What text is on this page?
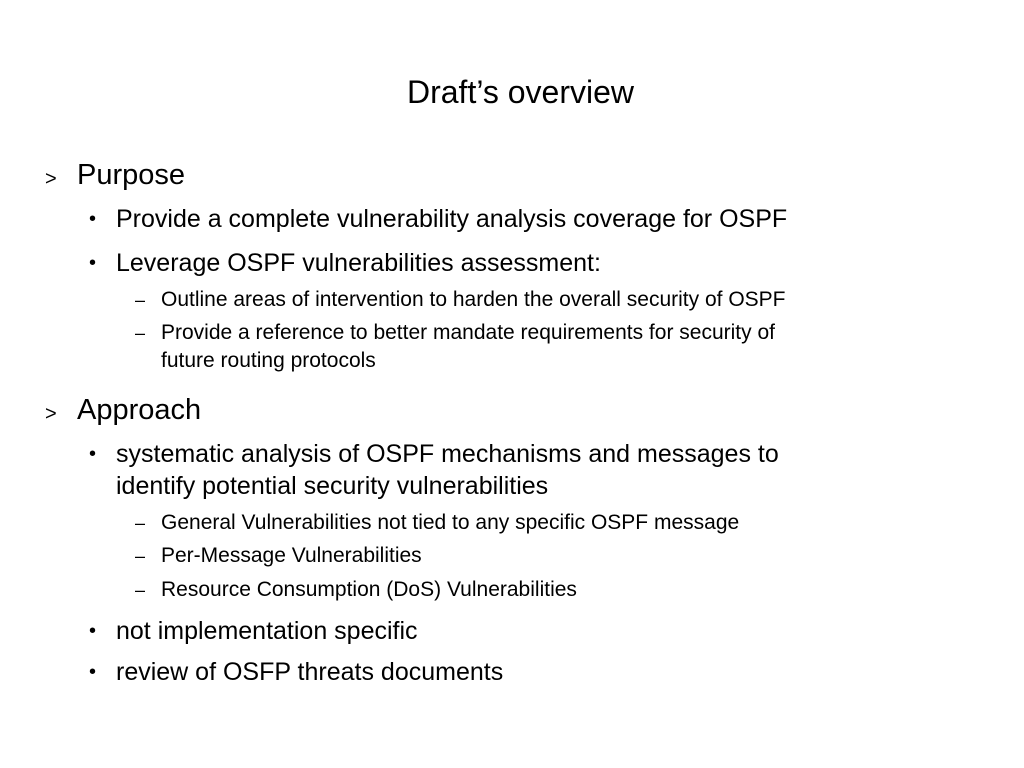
Draft’s overview
> Purpose
• Provide a complete vulnerability analysis coverage for OSPF
• Leverage OSPF vulnerabilities assessment:
– Outline areas of intervention to harden the overall security of OSPF
– Provide a reference to better mandate requirements for security of
future routing protocols
> Approach
• systematic analysis of OSPF mechanisms and messages to
identify potential security vulnerabilities
– General Vulnerabilities not tied to any specific OSPF message
– Per-Message Vulnerabilities
– Resource Consumption (DoS) Vulnerabilities
• not implementation specific
• review of OSFP threats documents
